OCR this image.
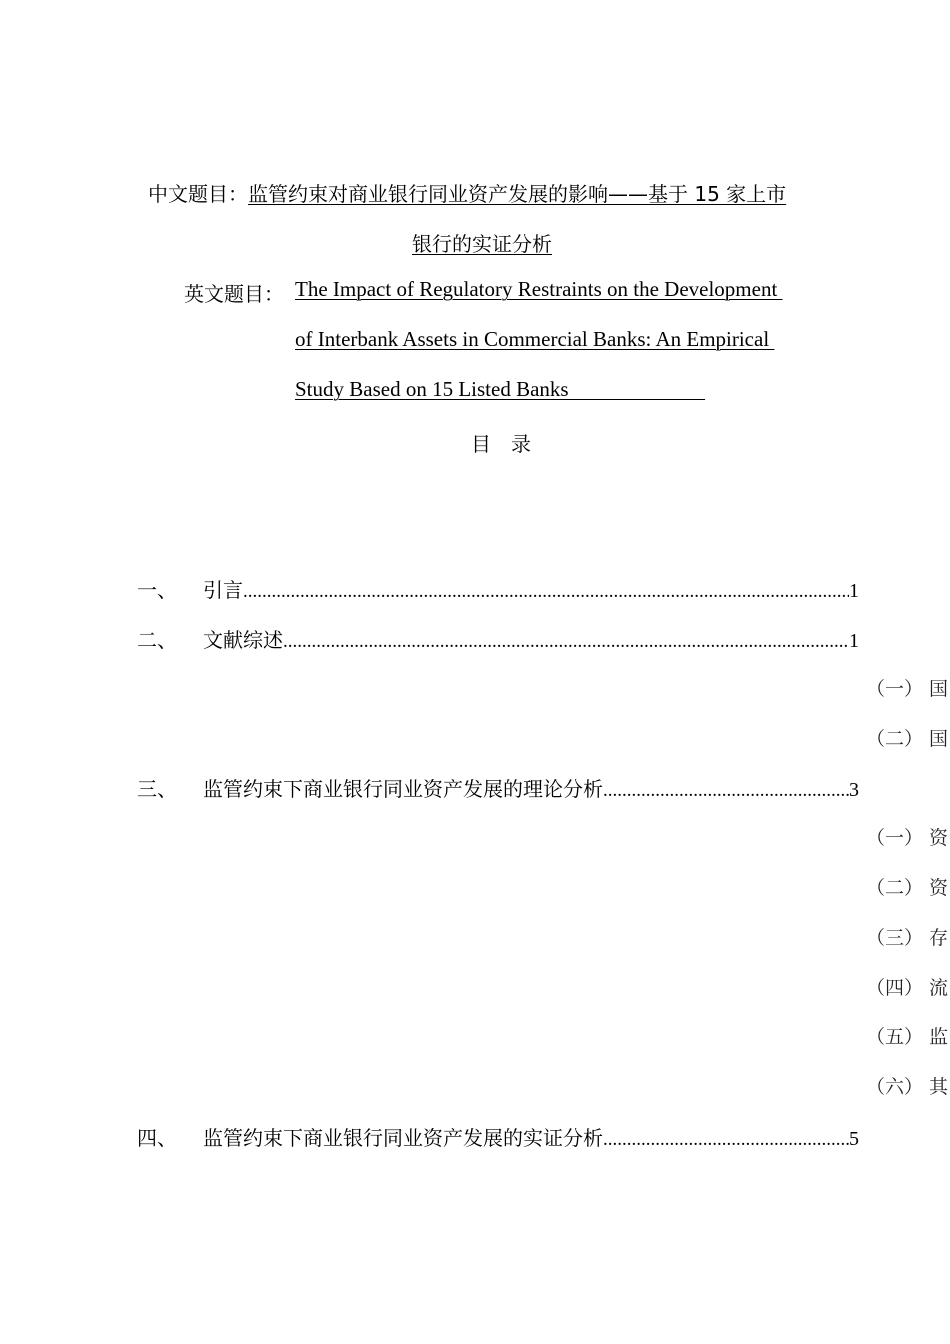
中文题目：监管约束对商业银行同业资产发展的影响——基于 15 家上市
银行的实证分析
英文题目： The Impact of Regulatory Restraints on the Development
of Interbank Assets in Commercial Banks: An Empirical
Study Based on 15 Listed Banks
目　录
一、	引言 .....	1
二、	文献综述 .....	1
（一） 国
（二） 国
三、	监管约束下商业银行同业资产发展的理论分析 .....	3
（一） 资
（二） 资
（三） 存
（四） 流
（五） 监
（六） 其
四、	监管约束下商业银行同业资产发展的实证分析 .....	5
